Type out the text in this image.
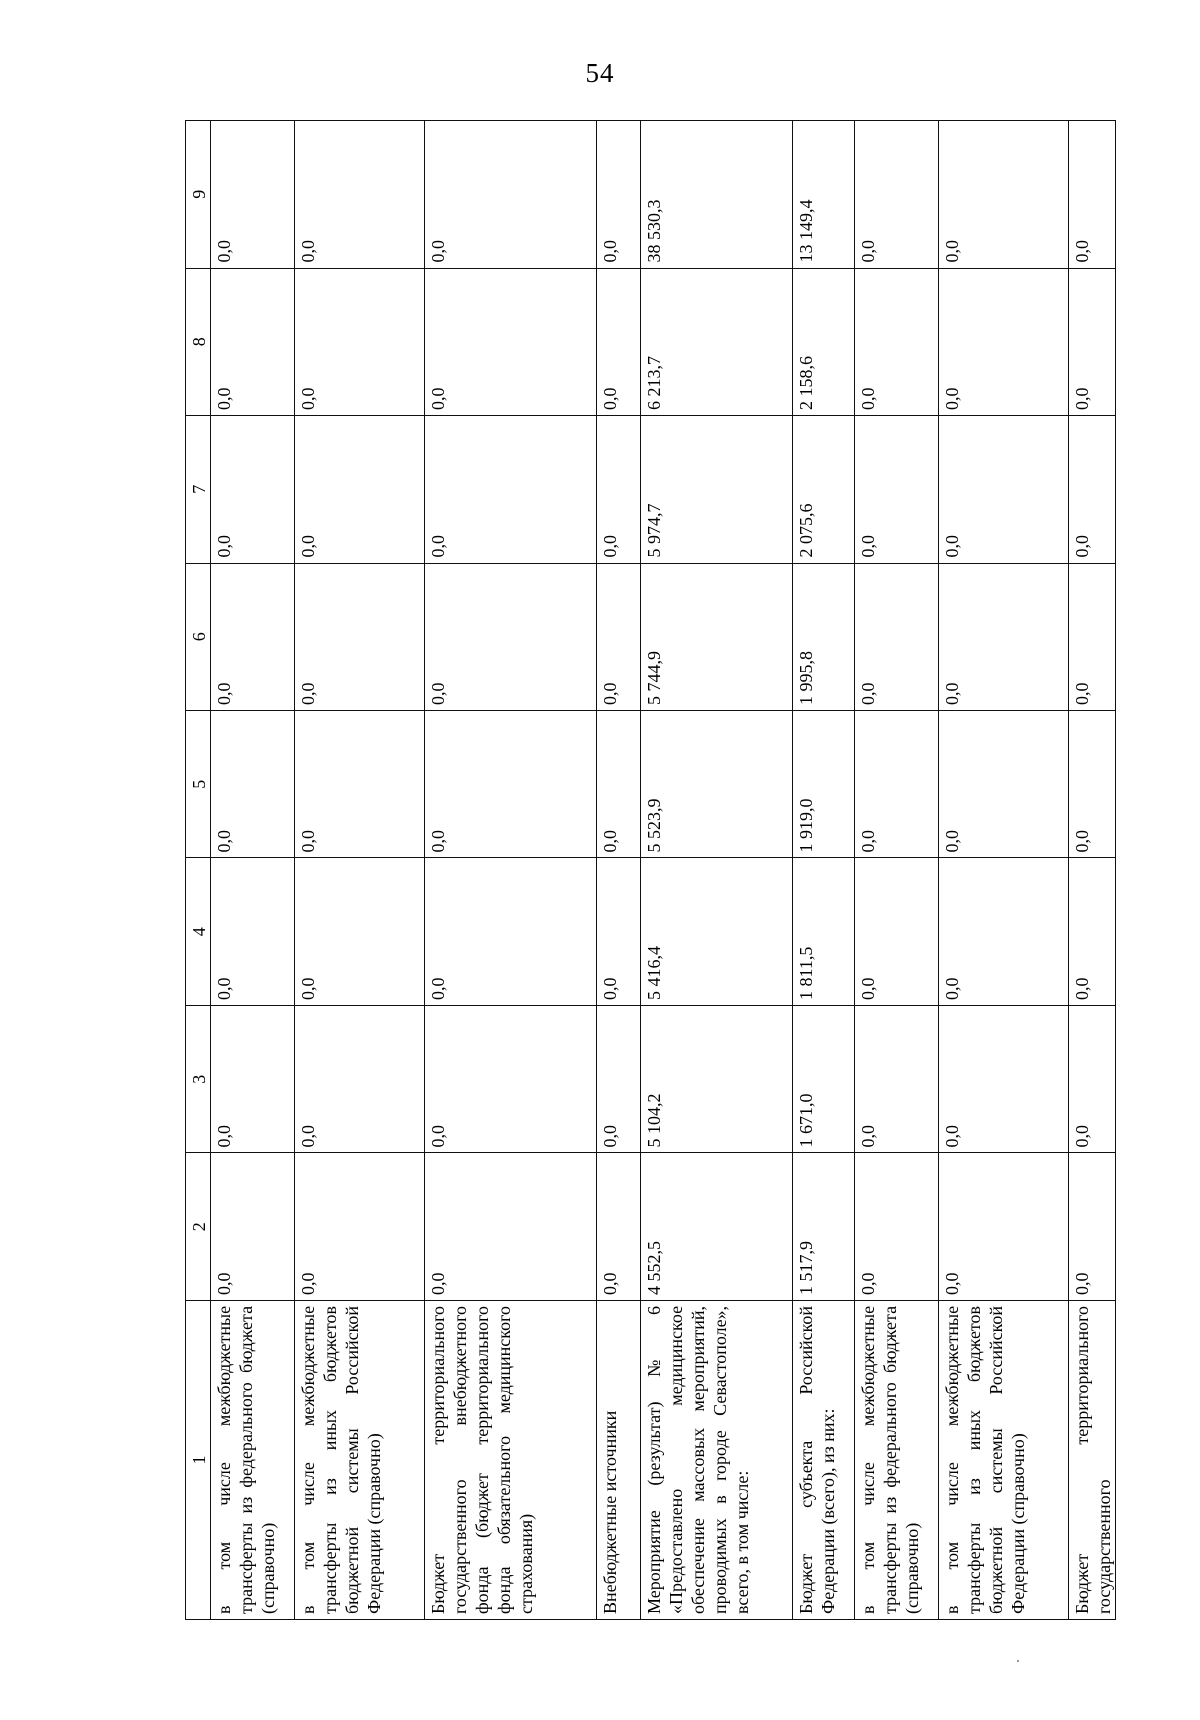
54
1	2	3	4	5	6	7	8	9
в том числе межбюджетные трансферты из федерального бюджета (справочно)	0,0	0,0	0,0	0,0	0,0	0,0	0,0	0,0
в том числе межбюджетные трансферты из иных бюджетов бюджетной системы Российской Федерации (справочно)	0,0	0,0	0,0	0,0	0,0	0,0	0,0	0,0
Бюджет территориального государственного внебюджетного фонда (бюджет территориального фонда обязательного медицинского страхования)	0,0	0,0	0,0	0,0	0,0	0,0	0,0	0,0
Внебюджетные источники	0,0	0,0	0,0	0,0	0,0	0,0	0,0	0,0
Мероприятие (результат) № 6 «Предоставлено медицинское обеспечение массовых мероприятий, проводимых в городе Севастополе», всего, в том числе:	4 552,5	5 104,2	5 416,4	5 523,9	5 744,9	5 974,7	6 213,7	38 530,3
Бюджет субъекта Российской Федерации (всего), из них:	1 517,9	1 671,0	1 811,5	1 919,0	1 995,8	2 075,6	2 158,6	13 149,4
в том числе межбюджетные трансферты из федерального бюджета (справочно)	0,0	0,0	0,0	0,0	0,0	0,0	0,0	0,0
в том числе межбюджетные трансферты из иных бюджетов бюджетной системы Российской Федерации (справочно)	0,0	0,0	0,0	0,0	0,0	0,0	0,0	0,0
Бюджет территориального государственного	0,0	0,0	0,0	0,0	0,0	0,0	0,0	0,0
